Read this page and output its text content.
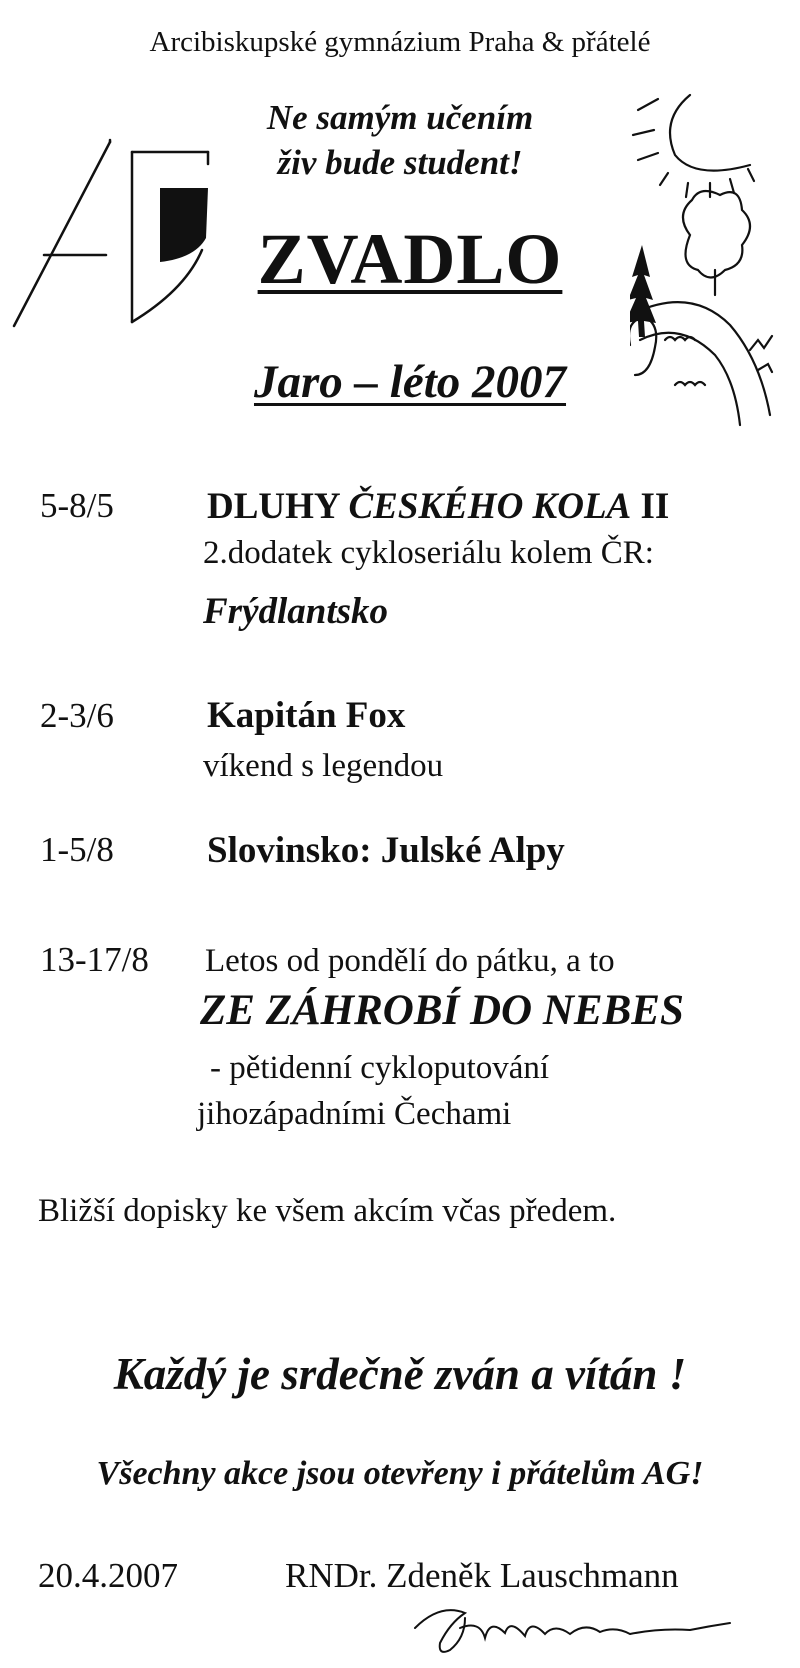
Arcibiskupské gymnázium Praha & přátelé
Ne samým učením
živ bude student!
ZVADLO
Jaro – léto 2007
5-8/5	DLUHY ČESKÉHO KOLA II
2.dodatek cykloseriálu kolem ČR:
Frýdlantsko
2-3/6	Kapitán Fox
víkend s legendou
1-5/8	Slovinsko: Julské Alpy
13-17/8 Letos od pondělí do pátku, a to
ZE ZÁHROBÍ DO NEBES
- pětidenní cykloputování
jihozápadními Čechami
Bližší dopisky ke všem akcím včas předem.
Každý je srdečně zván a vítán !
Všechny akce jsou otevřeny i přátelům AG!
20.4.2007	RNDr. Zdeněk Lauschmann
